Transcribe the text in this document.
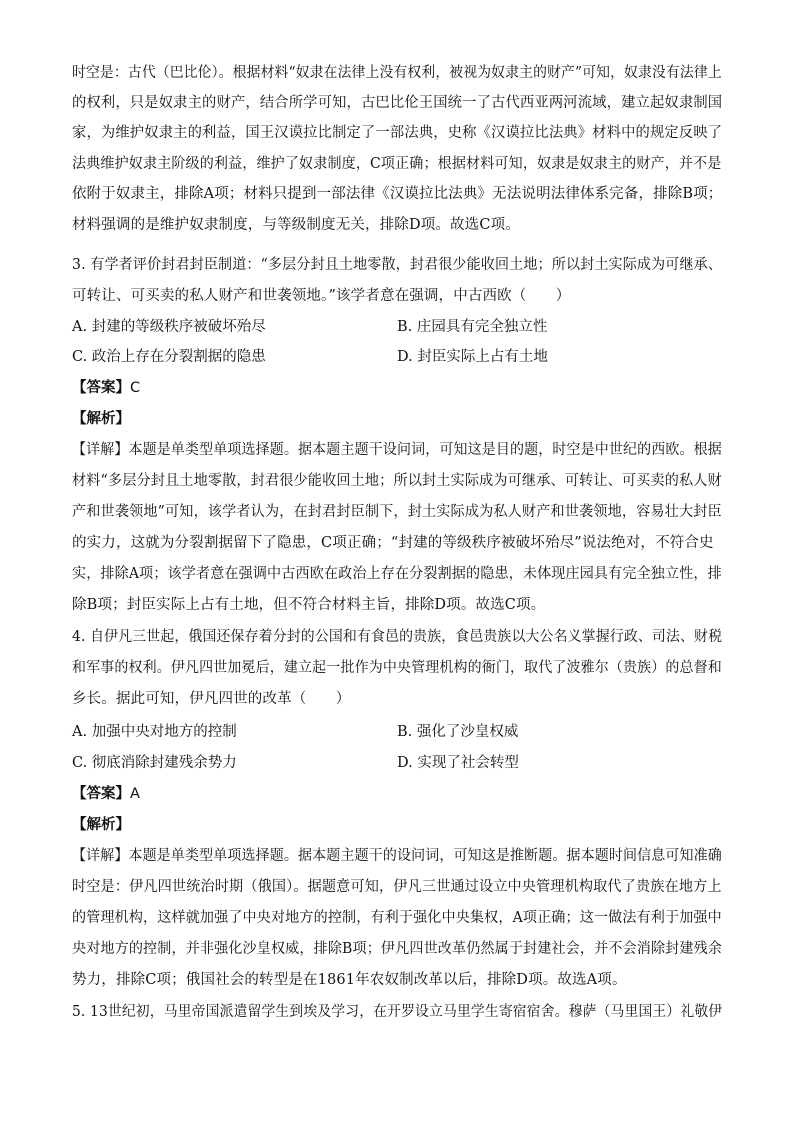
时空是：古代（巴比伦）。根据材料“奴隶在法律上没有权利，被视为奴隶主的财产”可知，奴隶没有法律上
的权利，只是奴隶主的财产，结合所学可知，古巴比伦王国统一了古代西亚两河流域，建立起奴隶制国
家，为维护奴隶主的利益，国王汉谟拉比制定了一部法典，史称《汉谟拉比法典》材料中的规定反映了
法典维护奴隶主阶级的利益，维护了奴隶制度，C项正确；根据材料可知，奴隶是奴隶主的财产，并不是
依附于奴隶主，排除A项；材料只提到一部法律《汉谟拉比法典》无法说明法律体系完备，排除B项；
材料强调的是维护奴隶制度，与等级制度无关，排除D项。故选C项。
3. 有学者评价封君封臣制道：“多层分封且土地零散，封君很少能收回土地；所以封土实际成为可继承、
可转让、可买卖的私人财产和世袭领地。”该学者意在强调，中古西欧（　　）
A. 封建的等级秩序被破坏殆尽	B. 庄园具有完全独立性
C. 政治上存在分裂割据的隐患	D. 封臣实际上占有土地
【答案】C
【解析】
【详解】本题是单类型单项选择题。据本题主题干设问词，可知这是目的题，时空是中世纪的西欧。根据
材料“多层分封且土地零散，封君很少能收回土地；所以封土实际成为可继承、可转让、可买卖的私人财
产和世袭领地”可知，该学者认为，在封君封臣制下，封土实际成为私人财产和世袭领地，容易壮大封臣
的实力，这就为分裂割据留下了隐患，C项正确；“封建的等级秩序被破坏殆尽”说法绝对，不符合史
实，排除A项；该学者意在强调中古西欧在政治上存在分裂割据的隐患，未体现庄园具有完全独立性，排
除B项；封臣实际上占有土地，但不符合材料主旨，排除D项。故选C项。
4. 自伊凡三世起，俄国还保存着分封的公国和有食邑的贵族，食邑贵族以大公名义掌握行政、司法、财税
和军事的权利。伊凡四世加冕后，建立起一批作为中央管理机构的衙门，取代了波雅尔（贵族）的总督和
乡长。据此可知，伊凡四世的改革（　　）
A. 加强中央对地方的控制	B. 强化了沙皇权威
C. 彻底消除封建残余势力	D. 实现了社会转型
【答案】A
【解析】
【详解】本题是单类型单项选择题。据本题主题干的设问词，可知这是推断题。据本题时间信息可知准确
时空是：伊凡四世统治时期（俄国）。据题意可知，伊凡三世通过设立中央管理机构取代了贵族在地方上
的管理机构，这样就加强了中央对地方的控制，有利于强化中央集权，A项正确；这一做法有利于加强中
央对地方的控制，并非强化沙皇权威，排除B项；伊凡四世改革仍然属于封建社会，并不会消除封建残余
势力，排除C项；俄国社会的转型是在1861年农奴制改革以后，排除D项。故选A项。
5. 13世纪初，马里帝国派遣留学生到埃及学习，在开罗设立马里学生寄宿宿舍。穆萨（马里国王）礼敬伊
